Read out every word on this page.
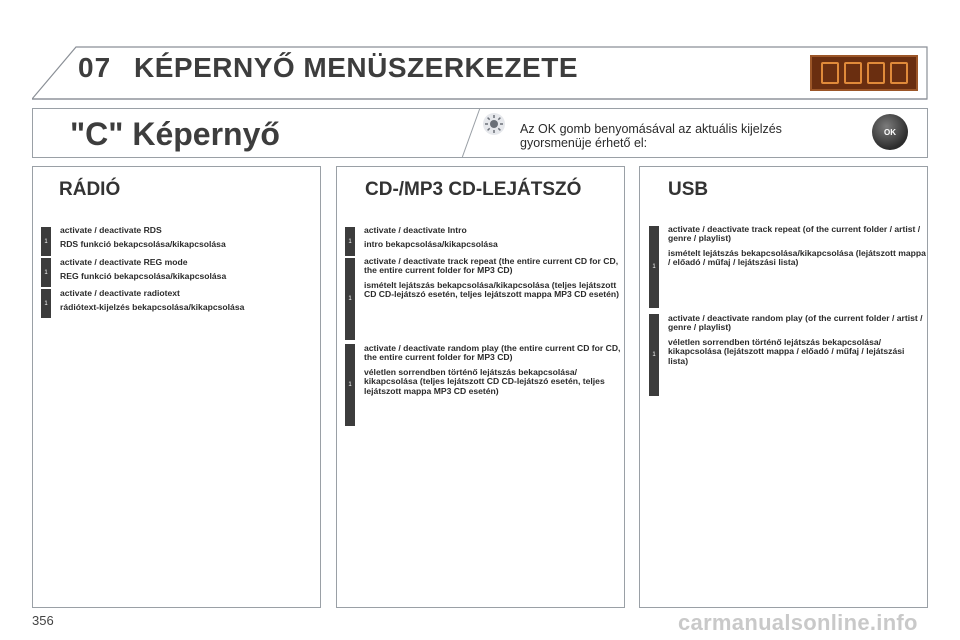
07 KÉPERNYŐ MENÜSZERKEZETE
"C" Képernyő	Az OK gomb benyomásával az aktuális kijelzés gyorsmenüje érhető el:
OK
RÁDIÓ
1
activate / deactivate RDS
RDS funkció bekapcsolása/kikapcsolása
1
activate / deactivate REG mode
REG funkció bekapcsolása/kikapcsolása
1
activate / deactivate radiotext
rádiótext-kijelzés bekapcsolása/kikapcsolása
CD-/MP3 CD-LEJÁTSZÓ
1
activate / deactivate Intro
intro bekapcsolása/kikapcsolása
1
activate / deactivate track repeat (the entire current CD for CD, the entire current folder for MP3 CD)
ismételt lejátszás bekapcsolása/kikapcsolása (teljes lejátszott CD CD-lejátszó esetén, teljes lejátszott mappa MP3 CD esetén)
1
activate / deactivate random play (the entire current CD for CD, the entire current folder for MP3 CD)
véletlen sorrendben történő lejátszás bekapcsolása/ kikapcsolása (teljes lejátszott CD CD-lejátszó esetén, teljes lejátszott mappa MP3 CD esetén)
USB
1
activate / deactivate track repeat (of the current folder / artist / genre / playlist)
ismételt lejátszás bekapcsolása/kikapcsolása (lejátszott mappa / előadó / műfaj / lejátszási lista)
1
activate / deactivate random play (of the current folder / artist / genre / playlist)
véletlen sorrendben történő lejátszás bekapcsolása/ kikapcsolása (lejátszott mappa / előadó / műfaj / lejátszási lista)
356	carmanualsonline.info
